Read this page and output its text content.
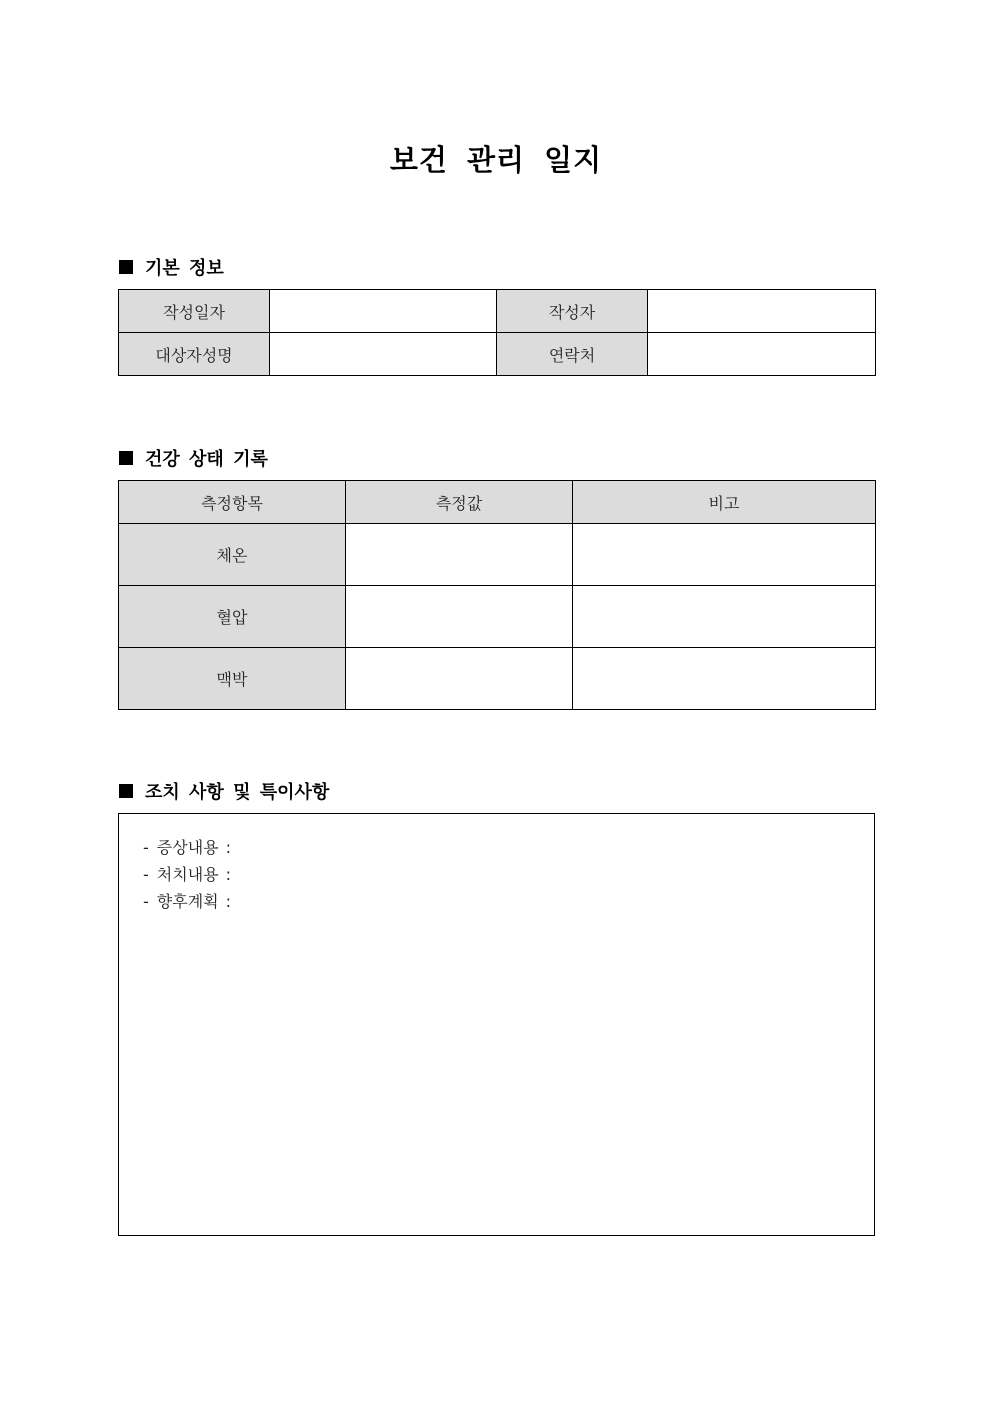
보건 관리 일지
기본 정보
작성일자		작성자	
대상자성명		연락처	
건강 상태 기록
측정항목	측정값	비고
체온		
혈압		
맥박		
조치 사항 및 특이사항
- 증상내용 :
- 처치내용 :
- 향후계획 :
